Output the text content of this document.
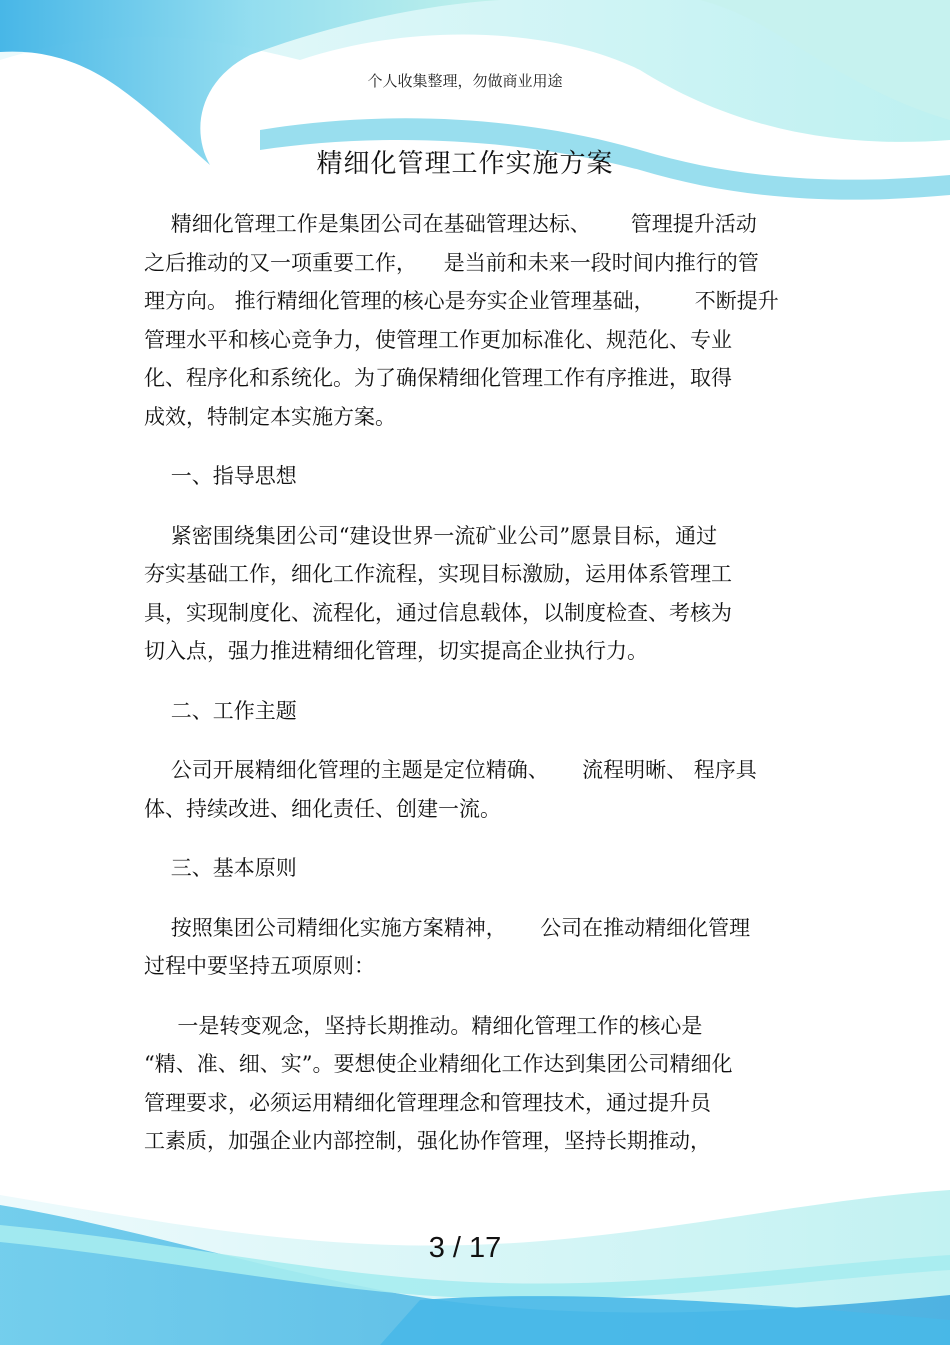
个人收集整理，勿做商业用途
精细化管理工作实施方案
精细化管理工作是集团公司在基础管理达标、      管理提升活动
之后推动的又一项重要工作，    是当前和未来一段时间内推行的管
理方向。 推行精细化管理的核心是夯实企业管理基础，      不断提升
管理水平和核心竞争力，使管理工作更加标准化、规范化、专业
化、程序化和系统化。为了确保精细化管理工作有序推进，取得
成效，特制定本实施方案。
一、指导思想
紧密围绕集团公司“建设世界一流矿业公司”愿景目标，通过
夯实基础工作，细化工作流程，实现目标激励，运用体系管理工
具，实现制度化、流程化，通过信息载体，以制度检查、考核为
切入点，强力推进精细化管理，切实提高企业执行力。
二、工作主题
公司开展精细化管理的主题是定位精确、     流程明晰、 程序具
体、持续改进、细化责任、创建一流。
三、基本原则
按照集团公司精细化实施方案精神，     公司在推动精细化管理
过程中要坚持五项原则：
一是转变观念，坚持长期推动。精细化管理工作的核心是
“精、准、细、实”。要想使企业精细化工作达到集团公司精细化
管理要求，必须运用精细化管理理念和管理技术，通过提升员
工素质，加强企业内部控制，强化协作管理，坚持长期推动，
3 / 17
